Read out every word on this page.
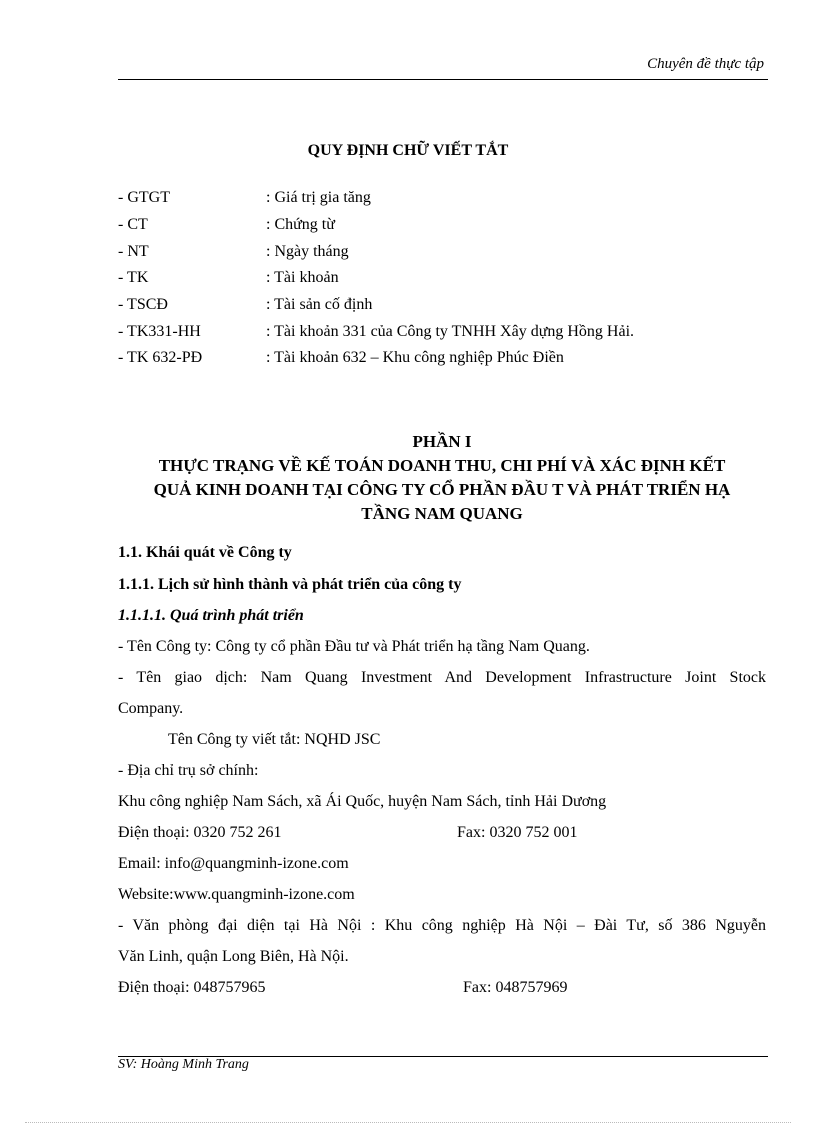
Chuyên đề thực tập
QUY ĐỊNH CHỮ VIẾT TẮT
- GTGT	: Giá trị gia tăng
- CT	: Chứng từ
- NT	: Ngày tháng
- TK	: Tài khoản
- TSCĐ	: Tài sản cố định
- TK331-HH	: Tài khoản 331 của Công ty TNHH Xây dựng Hồng Hải.
- TK 632-PĐ	: Tài khoản 632 – Khu công nghiệp Phúc Điền
PHẦN I
THỰC TRẠNG VỀ KẾ TOÁN DOANH THU, CHI PHÍ VÀ XÁC ĐỊNH KẾT
QUẢ KINH DOANH TẠI CÔNG TY CỔ PHẦN ĐẦU T VÀ PHÁT TRIỂN HẠ
TẦNG NAM QUANG
1.1. Khái quát về Công ty
1.1.1. Lịch sử hình thành và phát triển của công ty
1.1.1.1. Quá trình phát triển
- Tên Công ty: Công ty cổ phần Đầu tư và Phát triển hạ tầng Nam Quang.
- Tên giao dịch: Nam Quang Investment And Development Infrastructure Joint Stock
Company.
Tên Công ty viết tắt: NQHD JSC
- Địa chỉ trụ sở chính:
Khu công nghiệp Nam Sách, xã Ái Quốc, huyện Nam Sách, tỉnh Hải Dương
Điện thoại: 0320 752 261	Fax: 0320 752 001
Email: info@quangminh-izone.com
Website:www.quangminh-izone.com
- Văn phòng đại diện tại Hà Nội : Khu công nghiệp Hà Nội – Đài Tư, số 386 Nguyễn
Văn Linh, quận Long Biên, Hà Nội.
Điện thoại: 048757965	Fax: 048757969
SV: Hoàng Minh Trang
